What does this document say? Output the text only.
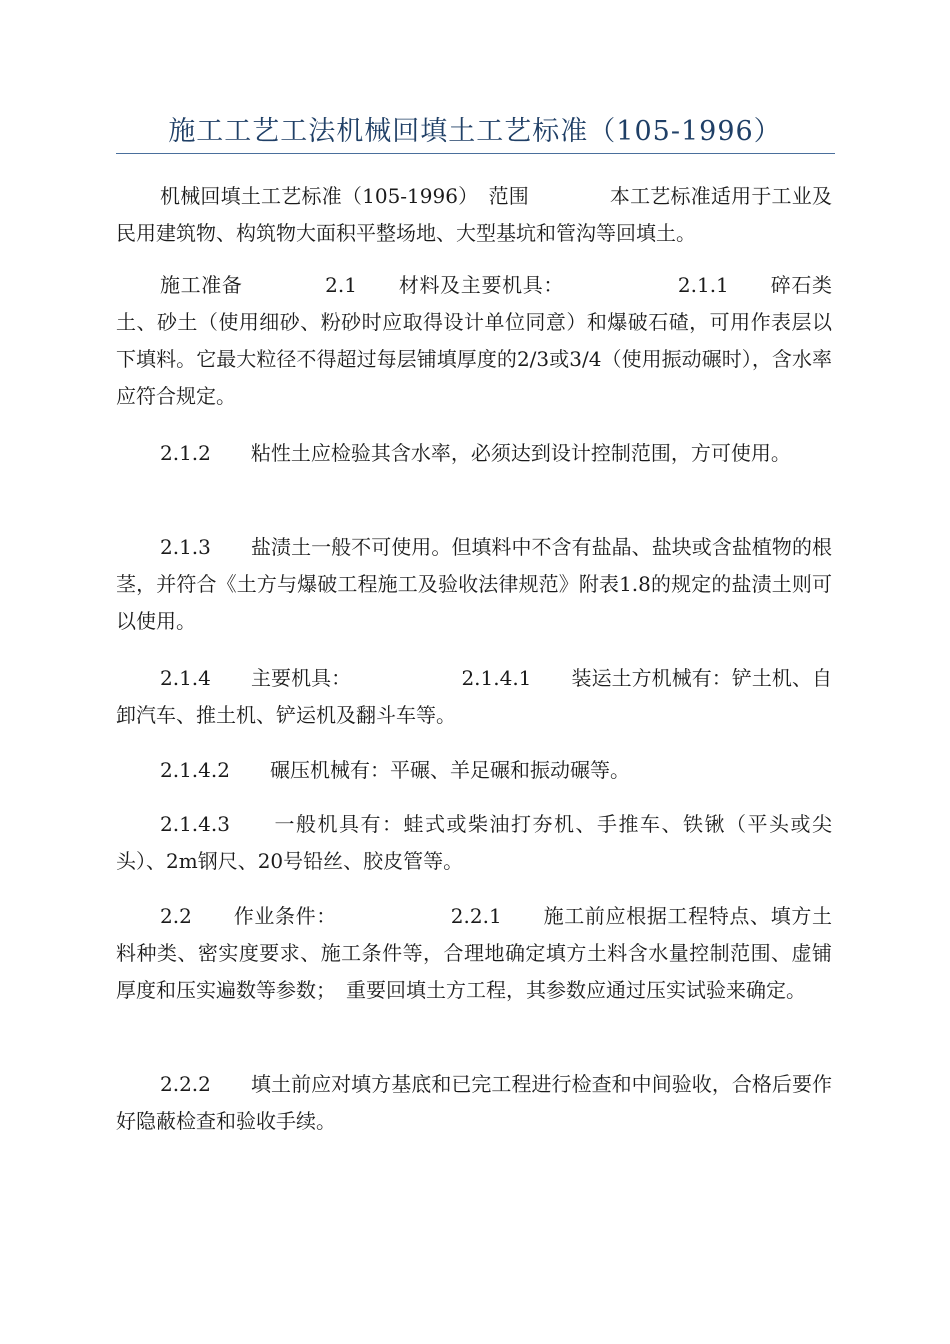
施工工艺工法机械回填土工艺标准（105-1996）

机械回填土工艺标准（105-1996）　范围　　　　本工艺标准适用于工业及民用建筑物、构筑物大面积平整场地、大型基坑和管沟等回填土。

施工准备　　　　2.1　　材料及主要机具：　　　　　　2.1.1　　碎石类土、砂土（使用细砂、粉砂时应取得设计单位同意）和爆破石碴，可用作表层以下填料。它最大粒径不得超过每层铺填厚度的2/3或3/4（使用振动碾时），含水率应符合规定。

2.1.2　　粘性土应检验其含水率，必须达到设计控制范围，方可使用。

2.1.3　　盐渍土一般不可使用。但填料中不含有盐晶、盐块或含盐植物的根茎，并符合《土方与爆破工程施工及验收法律规范》附表1.8的规定的盐渍土则可以使用。

2.1.4　　主要机具：　　　　　　2.1.4.1　　装运土方机械有：铲土机、自卸汽车、推土机、铲运机及翻斗车等。

2.1.4.2　　碾压机械有：平碾、羊足碾和振动碾等。

2.1.4.3　　一般机具有：蛙式或柴油打夯机、手推车、铁锹（平头或尖头）、2m钢尺、20号铅丝、胶皮管等。

2.2　　作业条件：　　　　　　2.2.1　　施工前应根据工程特点、填方土料种类、密实度要求、施工条件等，合理地确定填方土料含水量控制范围、虚铺厚度和压实遍数等参数；　重要回填土方工程，其参数应通过压实试验来确定。

2.2.2　　填土前应对填方基底和已完工程进行检查和中间验收，合格后要作好隐蔽检查和验收手续。
